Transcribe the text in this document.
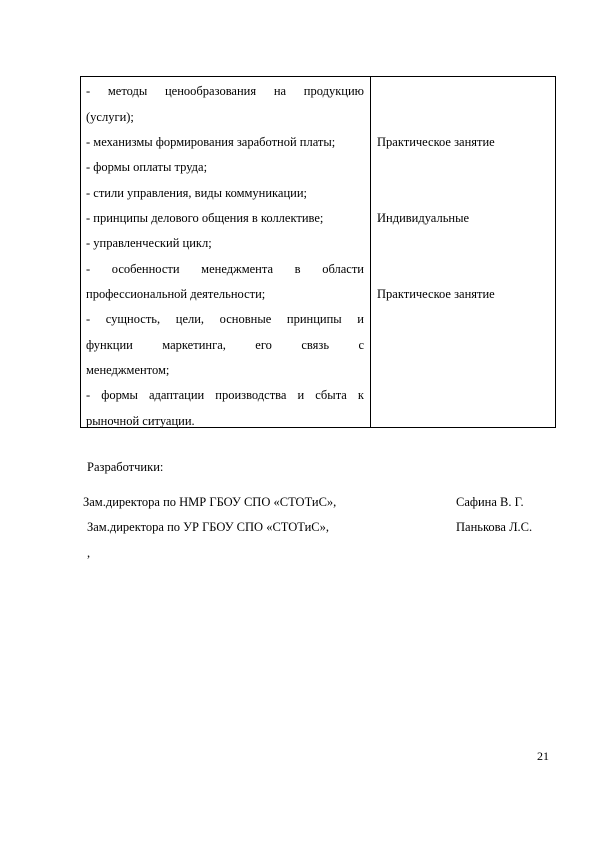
- методы ценообразования на продукцию
(услуги);
- механизмы формирования заработной платы;
- формы оплаты труда;
- стили управления, виды коммуникации;
- принципы делового общения в коллективе;
- управленческий цикл;
- особенности менеджмента в области
профессиональной деятельности;
- сущность, цели, основные принципы и
функции маркетинга, его связь с
менеджментом;
- формы адаптации производства и сбыта к
рыночной ситуации.
Практическое занятие
Индивидуальные
Практическое занятие
Разработчики:
Зам.директора по НМР ГБОУ СПО «СТОТиС»,	Сафина В. Г.
Зам.директора по УР ГБОУ СПО «СТОТиС»,	Панькова Л.С.
,
21
